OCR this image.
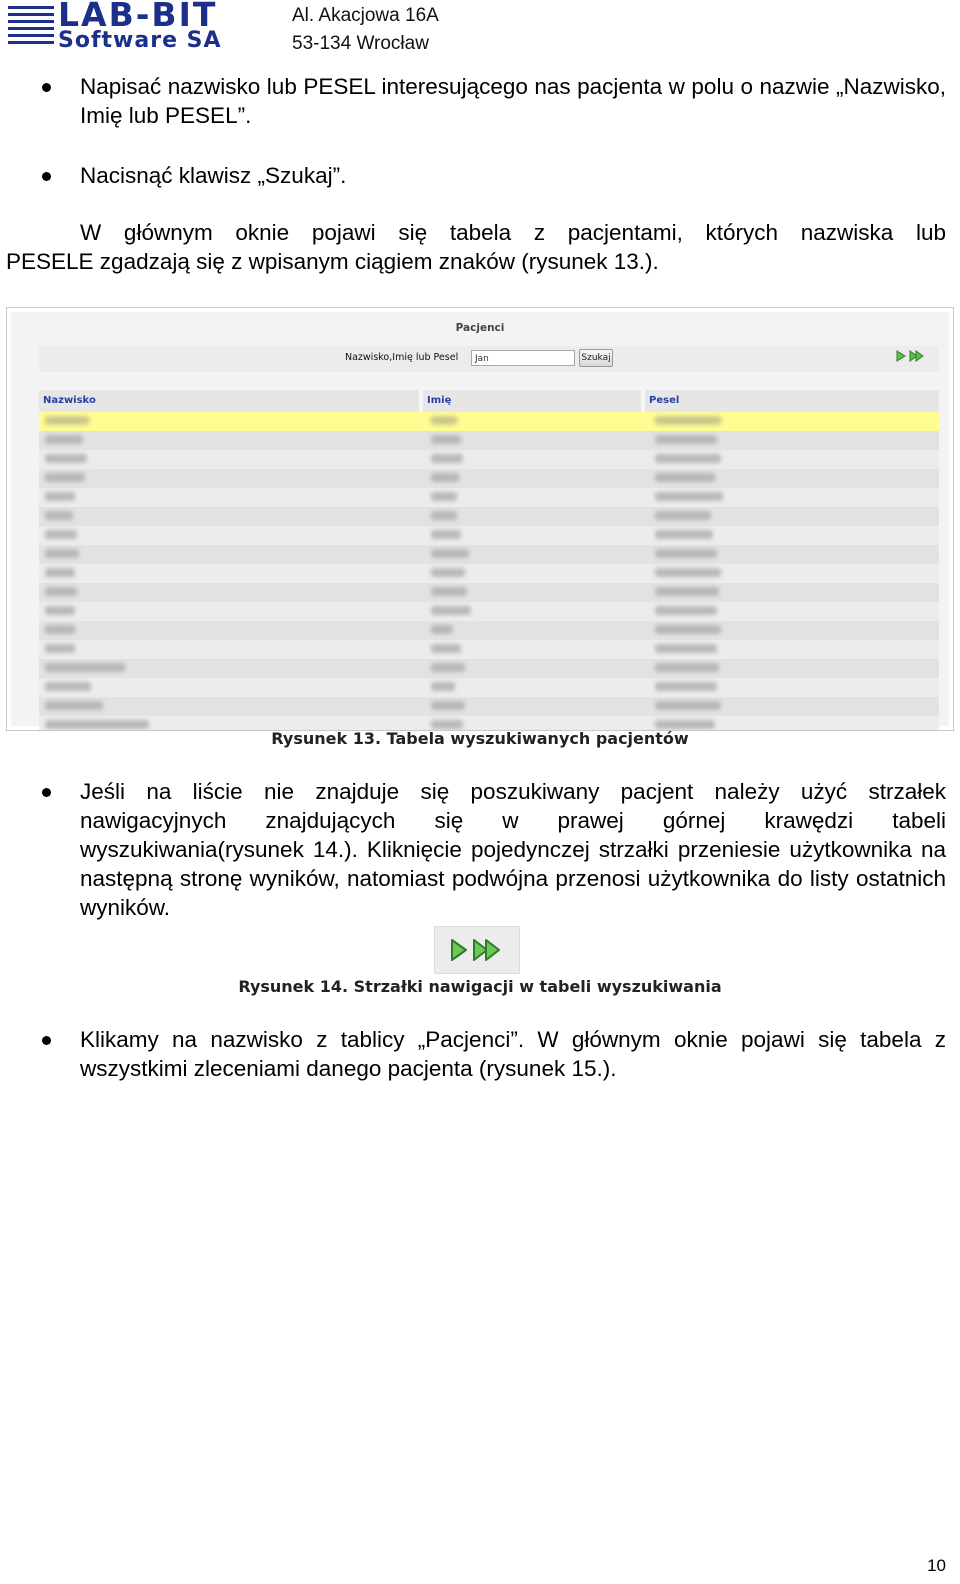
LAB-BIT
Software SA
Al. Akacjowa 16A
53-134 Wrocław
Napisać nazwisko lub PESEL interesującego nas pacjenta w polu o nazwie „Nazwisko, Imię lub PESEL”.
Nacisnąć klawisz „Szukaj”.
W głównym oknie pojawi się tabela z pacjentami, których nazwiska lub
PESELE zgadzają się z wpisanym ciągiem znaków (rysunek 13.).
Pacjenci
Nazwisko,Imię lub Pesel	Jan	Szukaj
Nazwisko	Imię	Pesel
Rysunek 13. Tabela wyszukiwanych pacjentów
Jeśli na liście nie znajduje się poszukiwany pacjent należy użyć strzałek nawigacyjnych znajdujących się w prawej górnej krawędzi tabeli wyszukiwania(rysunek 14.). Kliknięcie pojedynczej strzałki przeniesie użytkownika na następną stronę wyników, natomiast podwójna przenosi użytkownika do listy ostatnich wyników.
Rysunek 14. Strzałki nawigacji w tabeli wyszukiwania
Klikamy na nazwisko z tablicy „Pacjenci”. W głównym oknie pojawi się tabela z wszystkimi zleceniami danego pacjenta (rysunek 15.).
10
